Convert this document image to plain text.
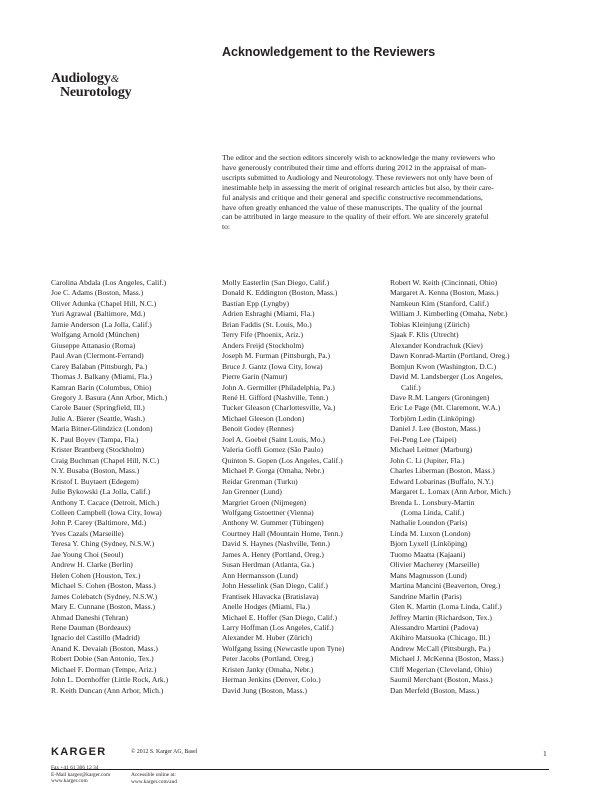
Audiology&
Neurotology
Acknowledgement to the Reviewers
The editor and the section editors sincerely wish to acknowledge the many reviewers who
have generously contributed their time and efforts during 2012 in the appraisal of man-
uscripts submitted to Audiology and Neurotology. These reviewers not only have been of
inestimable help in assessing the merit of original research articles but also, by their care-
ful analysis and critique and their general and specific constructive recommendations,
have often greatly enhanced the value of these manuscripts. The quality of the journal
can be attributed in large measure to the quality of their effort. We are sincerely grateful
to:
Carolina Abdala (Los Angeles, Calif.)
Joe C. Adams (Boston, Mass.)
Oliver Adunka (Chapel Hill, N.C.)
Yuri Agrawal (Baltimore, Md.)
Jamie Anderson (La Jolla, Calif.)
Wolfgang Arnold (München)
Giuseppe Attanasio (Roma)
Paul Avan (Clermont-Ferrand)
Carey Balaban (Pittsburgh, Pa.)
Thomas J. Balkany (Miami, Fla.)
Kamran Barin (Columbus, Ohio)
Gregory J. Basura (Ann Arbor, Mich.)
Carole Bauer (Springfield, Ill.)
Julie A. Bierer (Seattle, Wash.)
Maria Bitner-Glindzicz (London)
K. Paul Boyev (Tampa, Fla.)
Krister Brantberg (Stockholm)
Craig Buchman (Chapel Hill, N.C.)
N.Y. Busaba (Boston, Mass.)
Kristof I. Buytaert (Edegem)
Julie Bykowski (La Jolla, Calif.)
Anthony T. Cacace (Detroit, Mich.)
Colleen Campbell (Iowa City, Iowa)
John P. Carey (Baltimore, Md.)
Yves Cazals (Marseille)
Teresa Y. Ching (Sydney, N.S.W.)
Jae Young Choi (Seoul)
Andrew H. Clarke (Berlin)
Helen Cohen (Houston, Tex.)
Michael S. Cohen (Boston, Mass.)
James Colebatch (Sydney, N.S.W.)
Mary E. Cunnane (Boston, Mass.)
Ahmad Daneshi (Tehran)
Rene Dauman (Bordeaux)
Ignacio del Castillo (Madrid)
Anand K. Devaiah (Boston, Mass.)
Robert Dobie (San Antonio, Tex.)
Michael F. Dorman (Tempe, Ariz.)
John L. Dornhoffer (Little Rock, Ark.)
R. Keith Duncan (Ann Arbor, Mich.)
Molly Easterlin (San Diego, Calif.)
Donald K. Eddington (Boston, Mass.)
Bastian Epp (Lyngby)
Adrien Eshraghi (Miami, Fla.)
Brian Faddis (St. Louis, Mo.)
Terry Fife (Phoenix, Ariz.)
Anders Freijd (Stockholm)
Joseph M. Furman (Pittsburgh, Pa.)
Bruce J. Gantz (Iowa City, Iowa)
Pierre Garin (Namur)
John A. Germiller (Philadelphia, Pa.)
René H. Gifford (Nashville, Tenn.)
Tucker Gleason (Charlottesville, Va.)
Michael Gleeson (London)
Benoit Godey (Rennes)
Joel A. Goebel (Saint Louis, Mo.)
Valeria Goffi Gomez (São Paulo)
Quinton S. Gopen (Los Angeles, Calif.)
Michael P. Gorga (Omaha, Nebr.)
Reidar Grenman (Turku)
Jan Grenner (Lund)
Margriet Groen (Nijmegen)
Wolfgang Gstoettner (Vienna)
Anthony W. Gummer (Tübingen)
Courtney Hall (Mountain Home, Tenn.)
David S. Haynes (Nashville, Tenn.)
James A. Henry (Portland, Oreg.)
Susan Herdman (Atlanta, Ga.)
Ann Hermansson (Lund)
John Hesselink (San Diego, Calif.)
Frantisek Hlavacka (Bratislava)
Anelle Hodges (Miami, Fla.)
Michael E. Hoffer (San Diego, Calif.)
Larry Hoffman (Los Angeles, Calif.)
Alexander M. Huber (Zürich)
Wolfgang Issing (Newcastle upon Tyne)
Peter Jacobs (Portland, Oreg.)
Kristen Janky (Omaha, Nebr.)
Herman Jenkins (Denver, Colo.)
David Jung (Boston, Mass.)
Robert W. Keith (Cincinnati, Ohio)
Margaret A. Kenna (Boston, Mass.)
Namkeun Kim (Stanford, Calif.)
William J. Kimberling (Omaha, Nebr.)
Tobias Kleinjung (Zürich)
Sjaak F. Klis (Utrecht)
Alexander Kondrachuk (Kiev)
Dawn Konrad-Martin (Portland, Oreg.)
Bomjun Kwon (Washington, D.C.)
David M. Landsberger (Los Angeles,
Calif.)
Dave R.M. Langers (Groningen)
Eric Le Page (Mt. Claremont, W.A.)
Torbjörn Ledin (Linköping)
Daniel J. Lee (Boston, Mass.)
Fei-Peng Lee (Taipei)
Michael Leitner (Marburg)
John C. Li (Jupiter, Fla.)
Charles Liberman (Boston, Mass.)
Edward Lobarinas (Buffalo, N.Y.)
Margaret L. Lomax (Ann Arbor, Mich.)
Brenda L. Lonsbury-Martin
(Loma Linda, Calif.)
Nathalie Loundon (Paris)
Linda M. Luxon (London)
Bjorn Lyxell (Linköping)
Tuomo Maatta (Kajaani)
Olivier Macherey (Marseille)
Mans Magnusson (Lund)
Martina Mancini (Beaverton, Oreg.)
Sandrine Marlin (Paris)
Glen K. Martin (Loma Linda, Calif.)
Jeffrey Martin (Richardson, Tex.)
Alessandro Martini (Padova)
Akihiro Matsuoka (Chicago, Ill.)
Andrew McCall (Pittsburgh, Pa.)
Michael J. McKenna (Boston, Mass.)
Cliff Megerian (Cleveland, Ohio)
Saumil Merchant (Boston, Mass.)
Dan Merfeld (Boston, Mass.)
KARGER	© 2012 S. Karger AG, Basel	1
Fax +41 61 306 12 34
E-Mail karger@karger.com
www.karger.com
Accessible online at:
www.karger.com/aud
